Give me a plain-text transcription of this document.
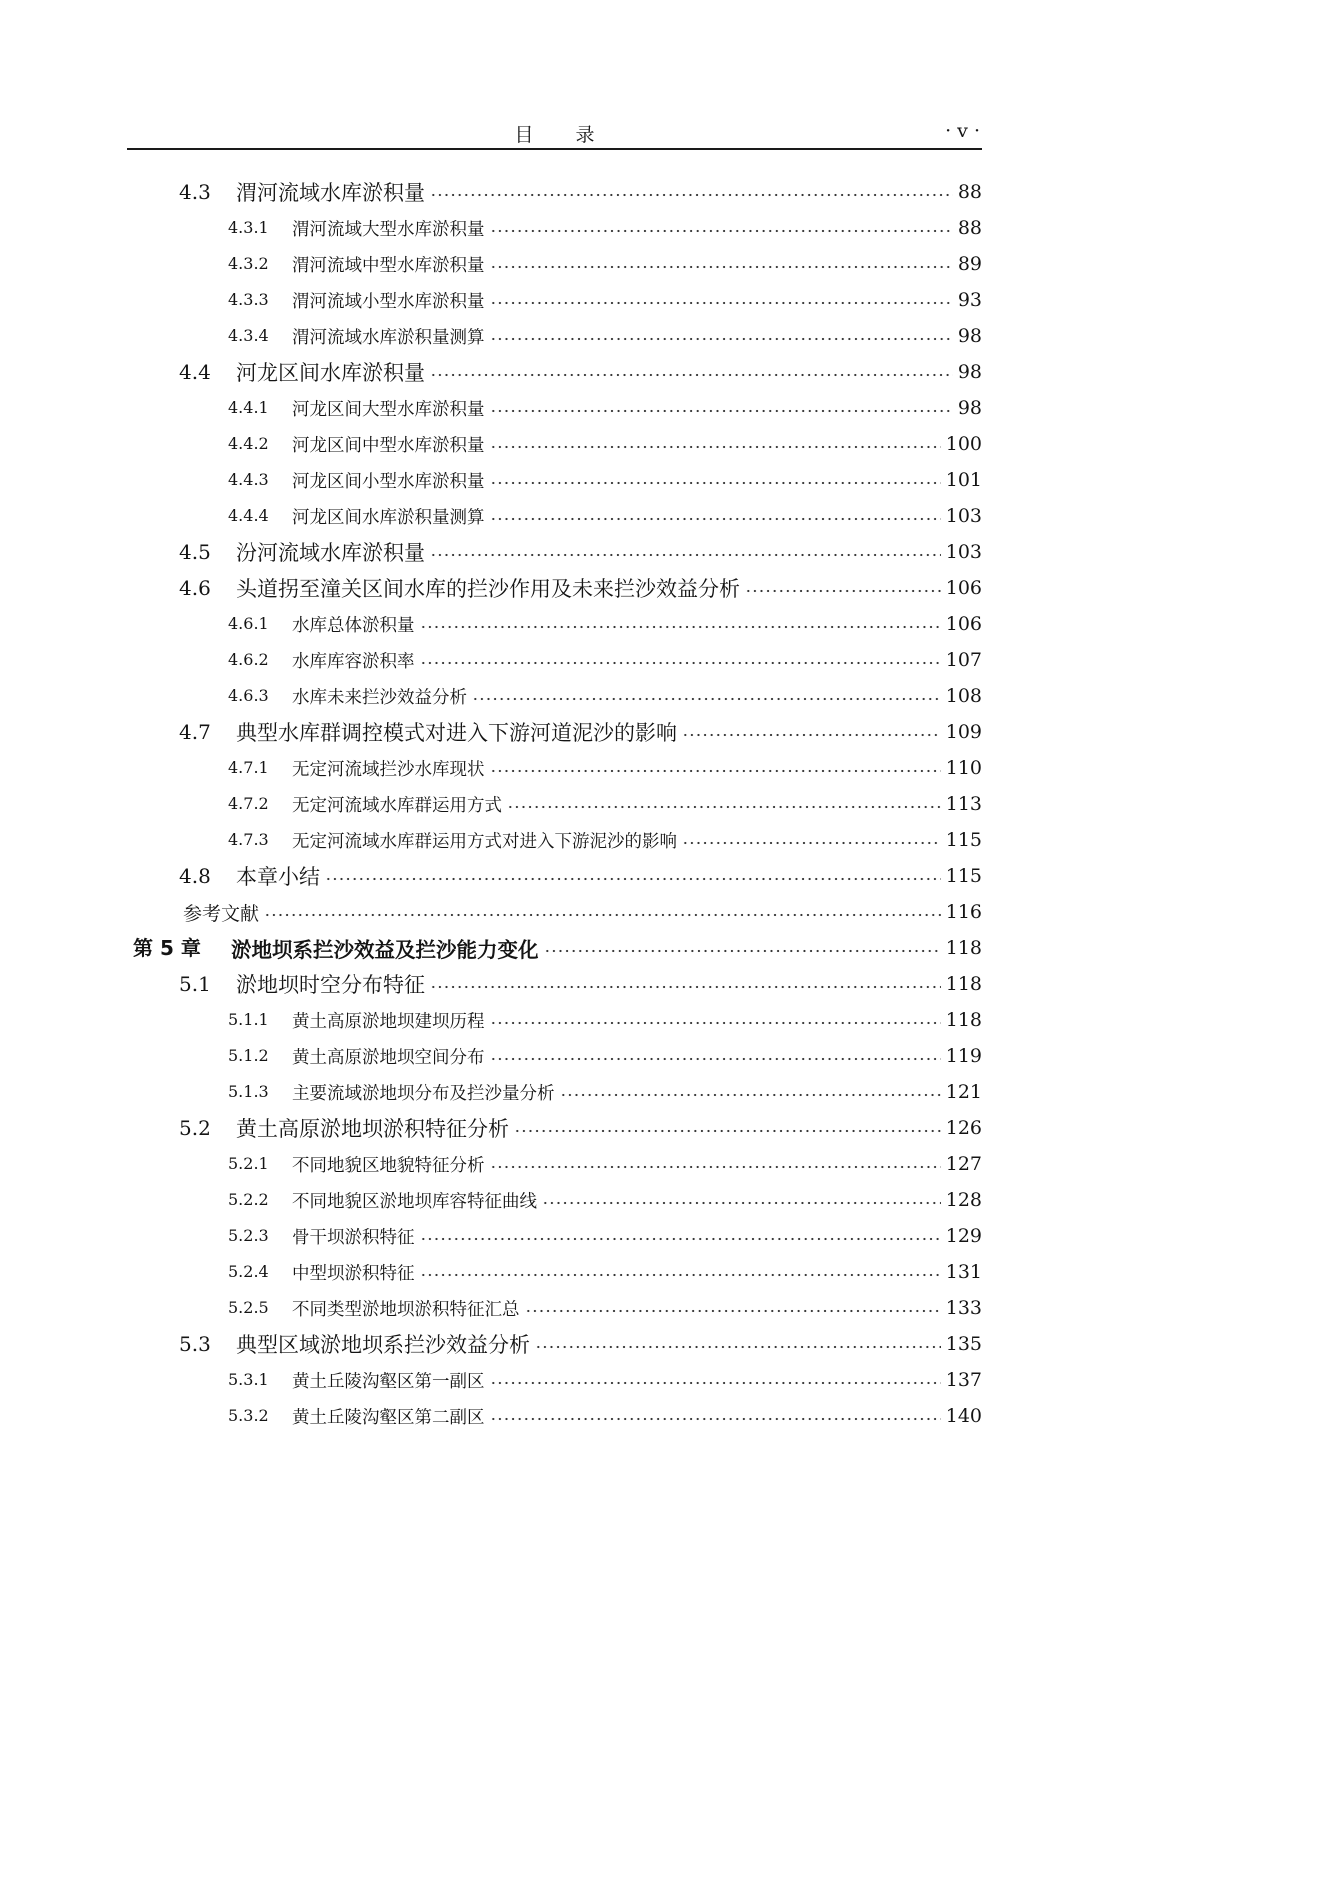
目录	· v ·
4.3 渭河流域水库淤积量	88
4.3.1 渭河流域大型水库淤积量	88
4.3.2 渭河流域中型水库淤积量	89
4.3.3 渭河流域小型水库淤积量	93
4.3.4 渭河流域水库淤积量测算	98
4.4 河龙区间水库淤积量	98
4.4.1 河龙区间大型水库淤积量	98
4.4.2 河龙区间中型水库淤积量	100
4.4.3 河龙区间小型水库淤积量	101
4.4.4 河龙区间水库淤积量测算	103
4.5 汾河流域水库淤积量	103
4.6 头道拐至潼关区间水库的拦沙作用及未来拦沙效益分析	106
4.6.1 水库总体淤积量	106
4.6.2 水库库容淤积率	107
4.6.3 水库未来拦沙效益分析	108
4.7 典型水库群调控模式对进入下游河道泥沙的影响	109
4.7.1 无定河流域拦沙水库现状	110
4.7.2 无定河流域水库群运用方式	113
4.7.3 无定河流域水库群运用方式对进入下游泥沙的影响	115
4.8 本章小结	115
参考文献	116
第 5 章 淤地坝系拦沙效益及拦沙能力变化	118
5.1 淤地坝时空分布特征	118
5.1.1 黄土高原淤地坝建坝历程	118
5.1.2 黄土高原淤地坝空间分布	119
5.1.3 主要流域淤地坝分布及拦沙量分析	121
5.2 黄土高原淤地坝淤积特征分析	126
5.2.1 不同地貌区地貌特征分析	127
5.2.2 不同地貌区淤地坝库容特征曲线	128
5.2.3 骨干坝淤积特征	129
5.2.4 中型坝淤积特征	131
5.2.5 不同类型淤地坝淤积特征汇总	133
5.3 典型区域淤地坝系拦沙效益分析	135
5.3.1 黄土丘陵沟壑区第一副区	137
5.3.2 黄土丘陵沟壑区第二副区	140
